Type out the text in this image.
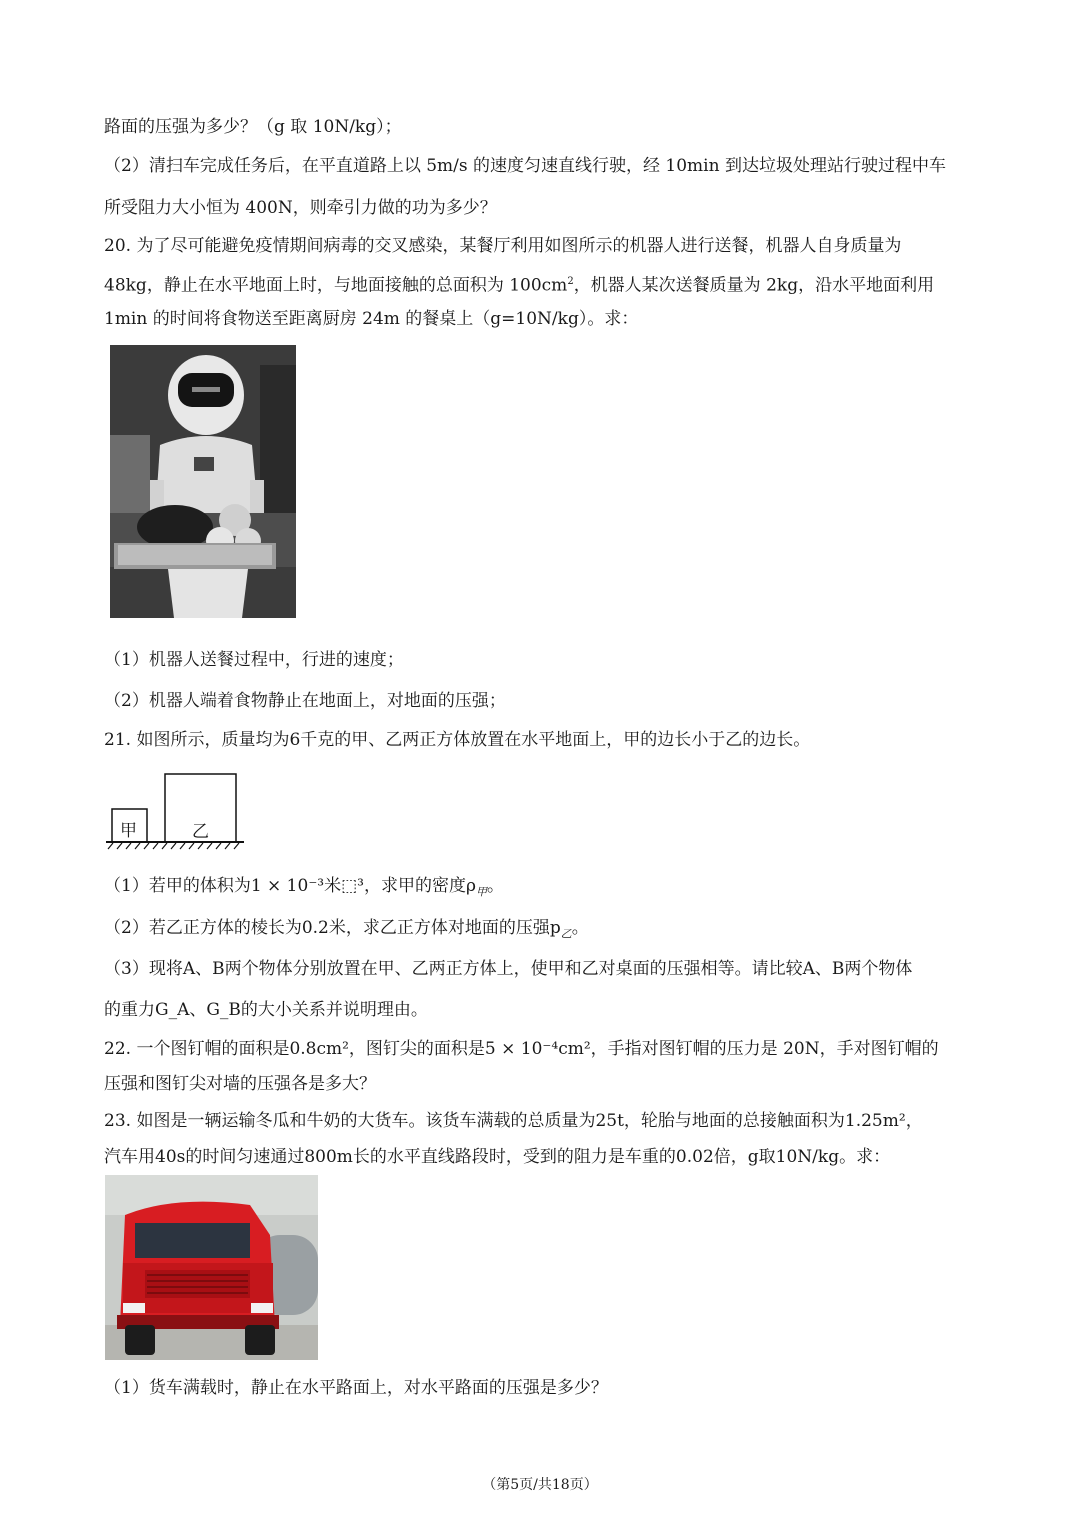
路面的压强为多少？（g 取 10N/kg）；
（2）清扫车完成任务后，在平直道路上以 5m/s 的速度匀速直线行驶，经 10min 到达垃圾处理站行驶过程中车
所受阻力大小恒为 400N，则牵引力做的功为多少？
20. 为了尽可能避免疫情期间病毒的交叉感染，某餐厅利用如图所示的机器人进行送餐，机器人自身质量为
48kg，静止在水平地面上时，与地面接触的总面积为 $100cm^2$，机器人某次送餐质量为 2kg，沿水平地面利用
1min 的时间将食物送至距离厨房 24m 的餐桌上（g=10N/kg）。求：
（1）机器人送餐过程中，行进的速度；
（2）机器人端着食物静止在地面上，对地面的压强；
21. 如图所示，质量均为6千克的甲、乙两正方体放置在水平地面上，甲的边长小于乙的边长。
甲	乙
（1）若甲的体积为1 × 10⁻³米⬚³，求甲的密度$\rho_甲$。
（2）若乙正方体的棱长为0.2米，求乙正方体对地面的压强$p_乙$。
（3）现将A、B两个物体分别放置在甲、乙两正方体上，使甲和乙对桌面的压强相等。请比较A、B两个物体
的重力G_A、G_B的大小关系并说明理由。
22. 一个图钉帽的面积是0.8cm²，图钉尖的面积是5 × 10⁻⁴cm²，手指对图钉帽的压力是 20N，手对图钉帽的
压强和图钉尖对墙的压强各是多大？
23. 如图是一辆运输冬瓜和牛奶的大货车。该货车满载的总质量为25t，轮胎与地面的总接触面积为1.25m²，
汽车用40s的时间匀速通过800m长的水平直线路段时，受到的阻力是车重的0.02倍，g取10N/kg。求：
（1）货车满载时，静止在水平路面上，对水平路面的压强是多少？
（第5页/共18页）
